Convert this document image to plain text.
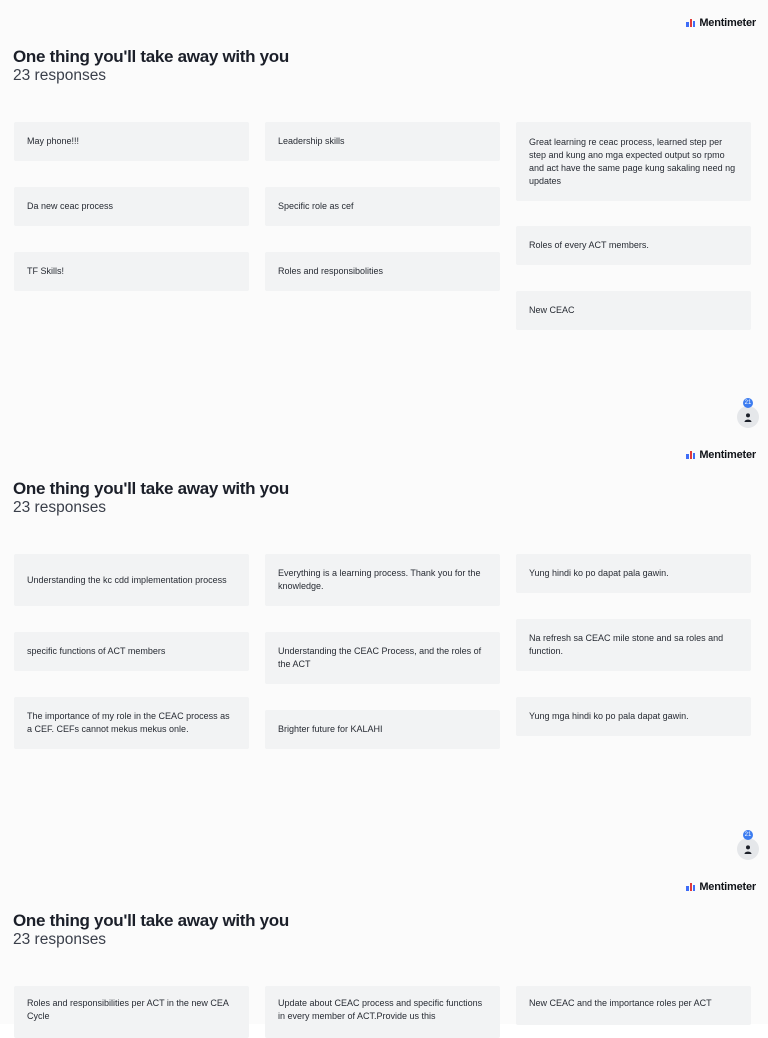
Mentimeter
One thing you'll take away with you
23 responses
May phone!!!
Da new ceac process
TF Skills!
Leadership skills
Specific role as cef
Roles and responsibolities
Great learning re ceac process, learned step per step and kung ano mga expected output so rpmo and act have the same page kung sakaling need ng updates
Roles of every ACT members.
New CEAC
21
Mentimeter
One thing you'll take away with you
23 responses
Understanding the kc cdd implementation process
specific functions of ACT members
The importance of my role in the CEAC process as a CEF. CEFs cannot mekus mekus onle.
Everything is a learning process. Thank you for the knowledge.
Understanding the CEAC Process, and the roles of the ACT
Brighter future for KALAHI
Yung hindi ko po dapat pala gawin.
Na refresh sa CEAC mile stone and sa roles and function.
Yung mga hindi ko po pala dapat gawin.
21
Mentimeter
One thing you'll take away with you
23 responses
Roles and responsibilities per ACT in the new CEA Cycle
Update about CEAC process and specific functions in every member of ACT.Provide us this
New CEAC and the importance roles per ACT
